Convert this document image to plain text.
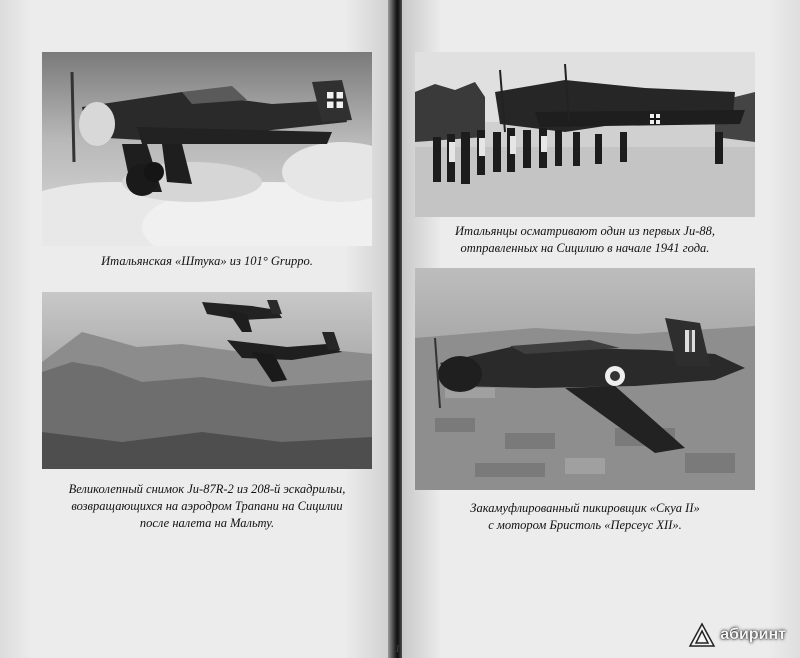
Итальянская «Штука» из 101° Grupро.
Великолепный снимок Ju-87R-2 из 208-й эскадрильи,
возвращающихся на аэродром Трапани на Сицилии
после налета на Мальту.
Итальянцы осматривают один из первых Ju-88,
отправленных на Сицилию в начале 1941 года.
Закамуфлированный пикировщик «Скуа II»
с мотором Бристоль «Персеус XII».
1
абиринт
